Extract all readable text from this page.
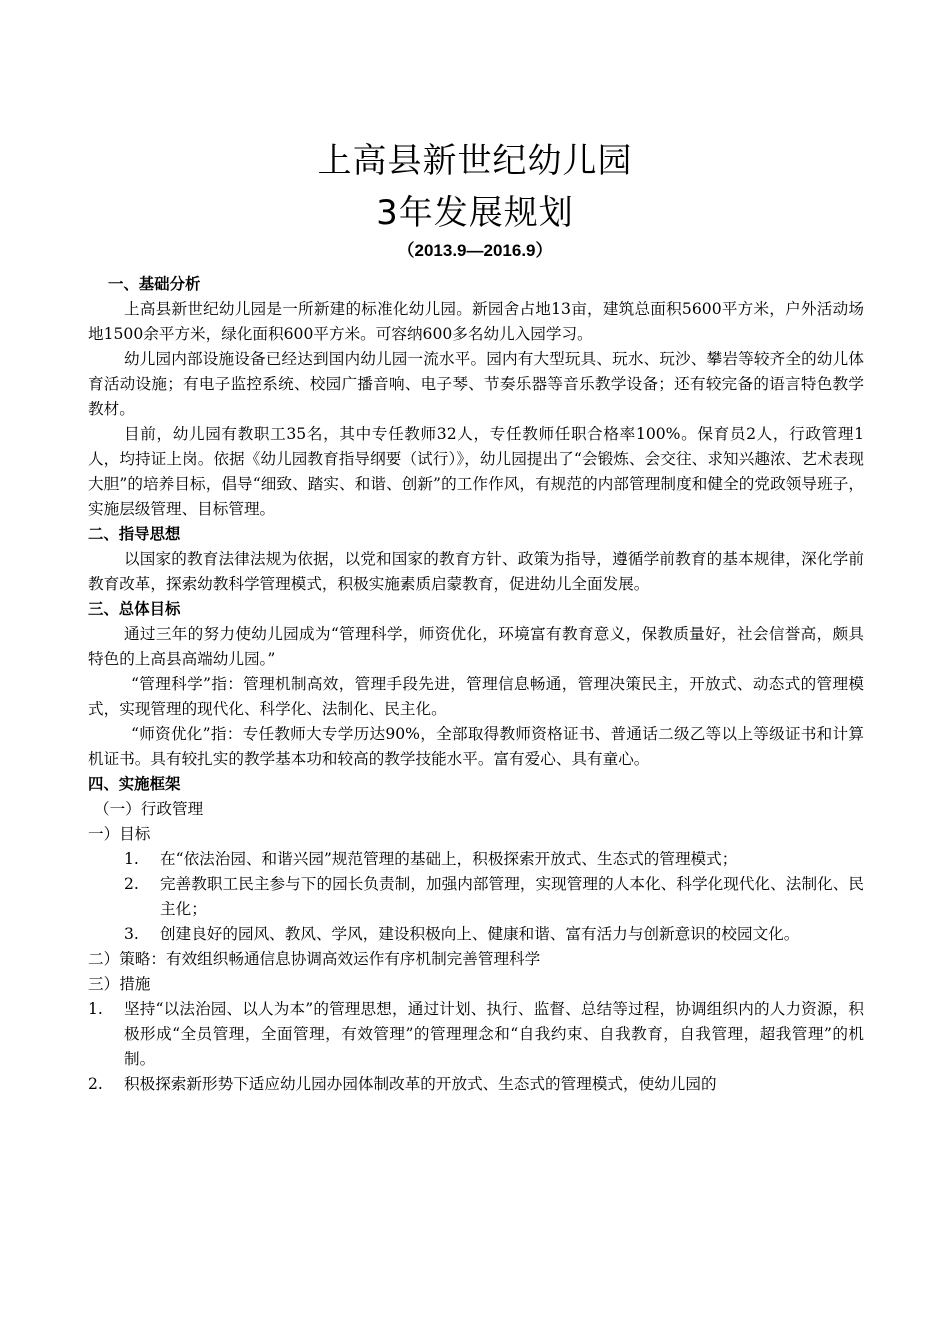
上高县新世纪幼儿园
3年发展规划
（2013.9—2016.9）

一、基础分析

上高县新世纪幼儿园是一所新建的标准化幼儿园。新园舍占地13亩，建筑总面积5600平方米，户外活动场地1500余平方米，绿化面积600平方米。可容纳600多名幼儿入园学习。

幼儿园内部设施设备已经达到国内幼儿园一流水平。园内有大型玩具、玩水、玩沙、攀岩等较齐全的幼儿体育活动设施；有电子监控系统、校园广播音响、电子琴、节奏乐器等音乐教学设备；还有较完备的语言特色教学教材。

目前，幼儿园有教职工35名，其中专任教师32人，专任教师任职合格率100%。保育员2人，行政管理1人，均持证上岗。依据《幼儿园教育指导纲要（试行）》，幼儿园提出了“会锻炼、会交往、求知兴趣浓、艺术表现大胆”的培养目标，倡导“细致、踏实、和谐、创新”的工作作风，有规范的内部管理制度和健全的党政领导班子，实施层级管理、目标管理。

二、指导思想

以国家的教育法律法规为依据，以党和国家的教育方针、政策为指导，遵循学前教育的基本规律，深化学前教育改革，探索幼教科学管理模式，积极实施素质启蒙教育，促进幼儿全面发展。

三、总体目标

通过三年的努力使幼儿园成为“管理科学，师资优化，环境富有教育意义，保教质量好，社会信誉高，颇具特色的上高县高端幼儿园。”

“管理科学”指：管理机制高效，管理手段先进，管理信息畅通，管理决策民主，开放式、动态式的管理模式，实现管理的现代化、科学化、法制化、民主化。

“师资优化”指：专任教师大专学历达90%，全部取得教师资格证书、普通话二级乙等以上等级证书和计算机证书。具有较扎实的教学基本功和较高的教学技能水平。富有爱心、具有童心。

四、实施框架

（一）行政管理

一）目标

1. 在“依法治园、和谐兴园”规范管理的基础上，积极探索开放式、生态式的管理模式；
2. 完善教职工民主参与下的园长负责制，加强内部管理，实现管理的人本化、科学化现代化、法制化、民主化；
3. 创建良好的园风、教风、学风，建设积极向上、健康和谐、富有活力与创新意识的校园文化。

二）策略：有效组织畅通信息协调高效运作有序机制完善管理科学

三）措施

1. 坚持“以法治园、以人为本”的管理思想，通过计划、执行、监督、总结等过程，协调组织内的人力资源，积极形成“全员管理，全面管理，有效管理”的管理理念和“自我约束、自我教育，自我管理，超我管理”的机制。
2. 积极探索新形势下适应幼儿园办园体制改革的开放式、生态式的管理模式，使幼儿园的
